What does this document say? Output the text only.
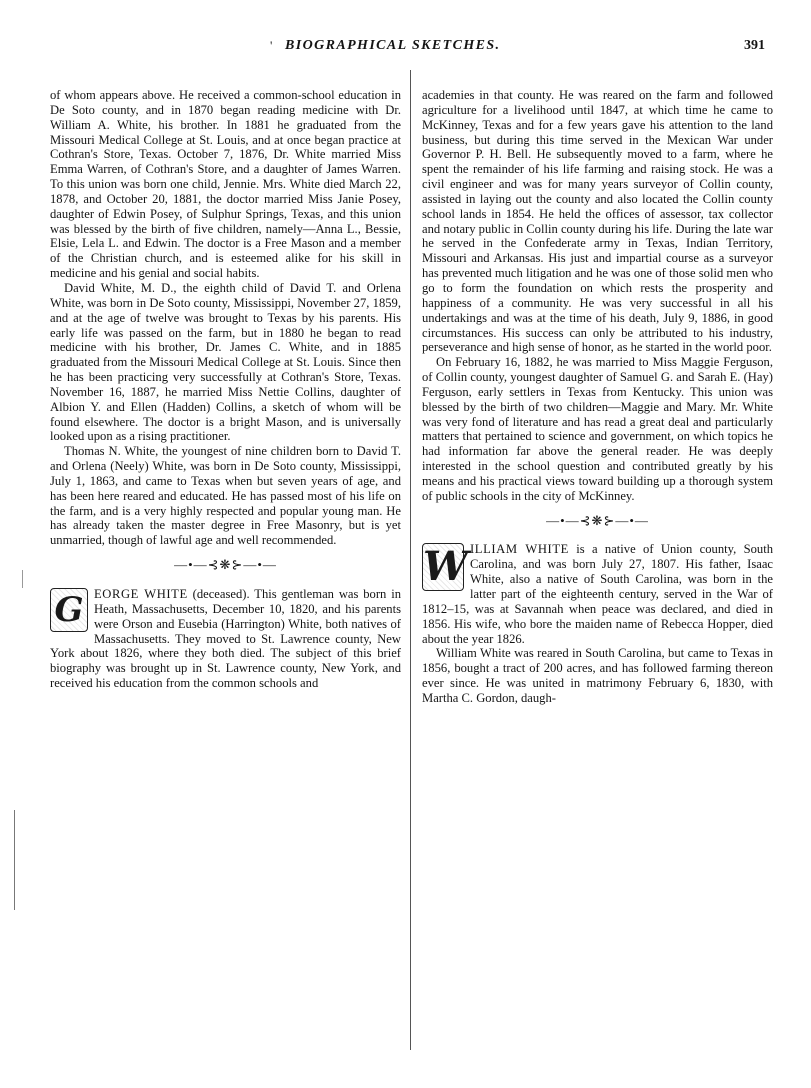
' BIOGRAPHICAL SKETCHES.	391

of whom appears above. He received a common-school education in De Soto county, and in 1870 began reading medicine with Dr. William A. White, his brother. In 1881 he graduated from the Missouri Medical College at St. Louis, and at once began practice at Cothran's Store, Texas. October 7, 1876, Dr. White married Miss Emma Warren, of Cothran's Store, and a daughter of James Warren. To this union was born one child, Jennie. Mrs. White died March 22, 1878, and October 20, 1881, the doctor married Miss Janie Posey, daughter of Edwin Posey, of Sulphur Springs, Texas, and this union was blessed by the birth of five children, namely—Anna L., Bessie, Elsie, Lela L. and Edwin. The doctor is a Free Mason and a member of the Christian church, and is esteemed alike for his skill in medicine and his genial and social habits.

David White, M. D., the eighth child of David T. and Orlena White, was born in De Soto county, Mississippi, November 27, 1859, and at the age of twelve was brought to Texas by his parents. His early life was passed on the farm, but in 1880 he began to read medicine with his brother, Dr. James C. White, and in 1885 graduated from the Missouri Medical College at St. Louis. Since then he has been practicing very successfully at Cothran's Store, Texas. November 16, 1887, he married Miss Nettie Collins, daughter of Albion Y. and Ellen (Hadden) Collins, a sketch of whom will be found elsewhere. The doctor is a bright Mason, and is universally looked upon as a rising practitioner.

Thomas N. White, the youngest of nine children born to David T. and Orlena (Neely) White, was born in De Soto county, Mississippi, July 1, 1863, and came to Texas when but seven years of age, and has been here reared and educated. He has passed most of his life on the farm, and is a very highly respected and popular young man. He has already taken the master degree in Free Masonry, but is yet unmarried, though of lawful age and well recommended.

—•—⊰❋⊱—•—

G EORGE WHITE (deceased). This gentleman was born in Heath, Massachusetts, December 10, 1820, and his parents were Orson and Eusebia (Harrington) White, both natives of Massachusetts. They moved to St. Lawrence county, New York about 1826, where they both died. The subject of this brief biography was brought up in St. Lawrence county, New York, and received his education from the common schools and

academies in that county. He was reared on the farm and followed agriculture for a livelihood until 1847, at which time he came to McKinney, Texas and for a few years gave his attention to the land business, but during this time served in the Mexican War under Governor P. H. Bell. He subsequently moved to a farm, where he spent the remainder of his life farming and raising stock. He was a civil engineer and was for many years surveyor of Collin county, assisted in laying out the county and also located the Collin county school lands in 1854. He held the offices of assessor, tax collector and notary public in Collin county during his life. During the late war he served in the Confederate army in Texas, Indian Territory, Missouri and Arkansas. His just and impartial course as a surveyor has prevented much litigation and he was one of those solid men who go to form the foundation on which rests the prosperity and happiness of a community. He was very successful in all his undertakings and was at the time of his death, July 9, 1886, in good circumstances. His success can only be attributed to his industry, perseverance and high sense of honor, as he started in the world poor.

On February 16, 1882, he was married to Miss Maggie Ferguson, of Collin county, youngest daughter of Samuel G. and Sarah E. (Hay) Ferguson, early settlers in Texas from Kentucky. This union was blessed by the birth of two children—Maggie and Mary. Mr. White was very fond of literature and has read a great deal and particularly matters that pertained to science and government, on which topics he had information far above the general reader. He was deeply interested in the school question and contributed greatly by his means and his practical views toward building up a thorough system of public schools in the city of McKinney.

—•—⊰❋⊱—•—

W ILLIAM WHITE is a native of Union county, South Carolina, and was born July 27, 1807. His father, Isaac White, also a native of South Carolina, was born in the latter part of the eighteenth century, served in the War of 1812–15, was at Savannah when peace was declared, and died in 1856. His wife, who bore the maiden name of Rebecca Hopper, died about the year 1826.

William White was reared in South Carolina, but came to Texas in 1856, bought a tract of 200 acres, and has followed farming thereon ever since. He was united in matrimony February 6, 1830, with Martha C. Gordon, daugh-
